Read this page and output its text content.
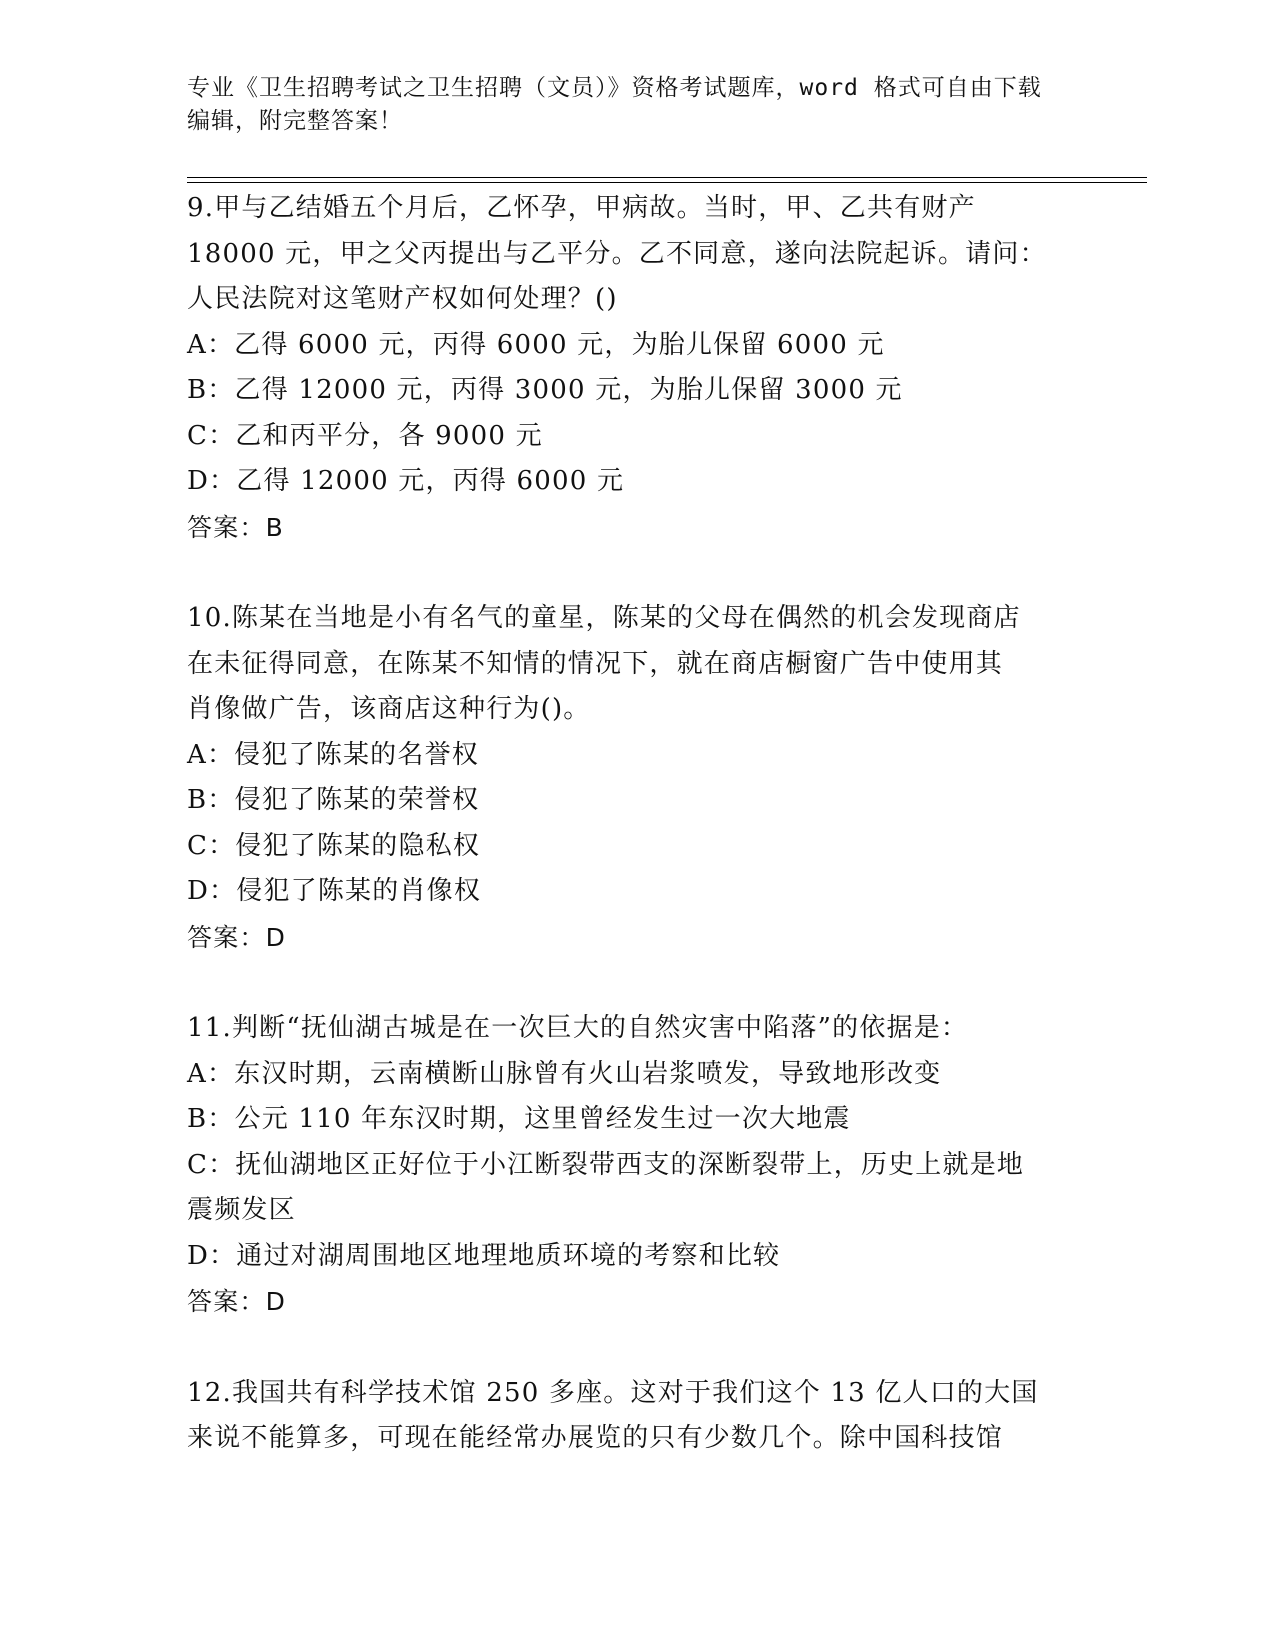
专业《卫生招聘考试之卫生招聘（文员）》资格考试题库，word 格式可自由下载
编辑，附完整答案！

9.甲与乙结婚五个月后，乙怀孕，甲病故。当时，甲、乙共有财产

18000 元，甲之父丙提出与乙平分。乙不同意，遂向法院起诉。请问：

人民法院对这笔财产权如何处理？()

A：乙得 6000 元，丙得 6000 元，为胎儿保留 6000 元

B：乙得 12000 元，丙得 3000 元，为胎儿保留 3000 元

C：乙和丙平分，各 9000 元

D：乙得 12000 元，丙得 6000 元

答案：B

10.陈某在当地是小有名气的童星，陈某的父母在偶然的机会发现商店

在未征得同意，在陈某不知情的情况下，就在商店橱窗广告中使用其

肖像做广告，该商店这种行为()。

A：侵犯了陈某的名誉权

B：侵犯了陈某的荣誉权

C：侵犯了陈某的隐私权

D：侵犯了陈某的肖像权

答案：D

11.判断“抚仙湖古城是在一次巨大的自然灾害中陷落”的依据是：

A：东汉时期，云南横断山脉曾有火山岩浆喷发，导致地形改变

B：公元 110 年东汉时期，这里曾经发生过一次大地震

C：抚仙湖地区正好位于小江断裂带西支的深断裂带上，历史上就是地

震频发区

D：通过对湖周围地区地理地质环境的考察和比较

答案：D

12.我国共有科学技术馆 250 多座。这对于我们这个 13 亿人口的大国

来说不能算多，可现在能经常办展览的只有少数几个。除中国科技馆
